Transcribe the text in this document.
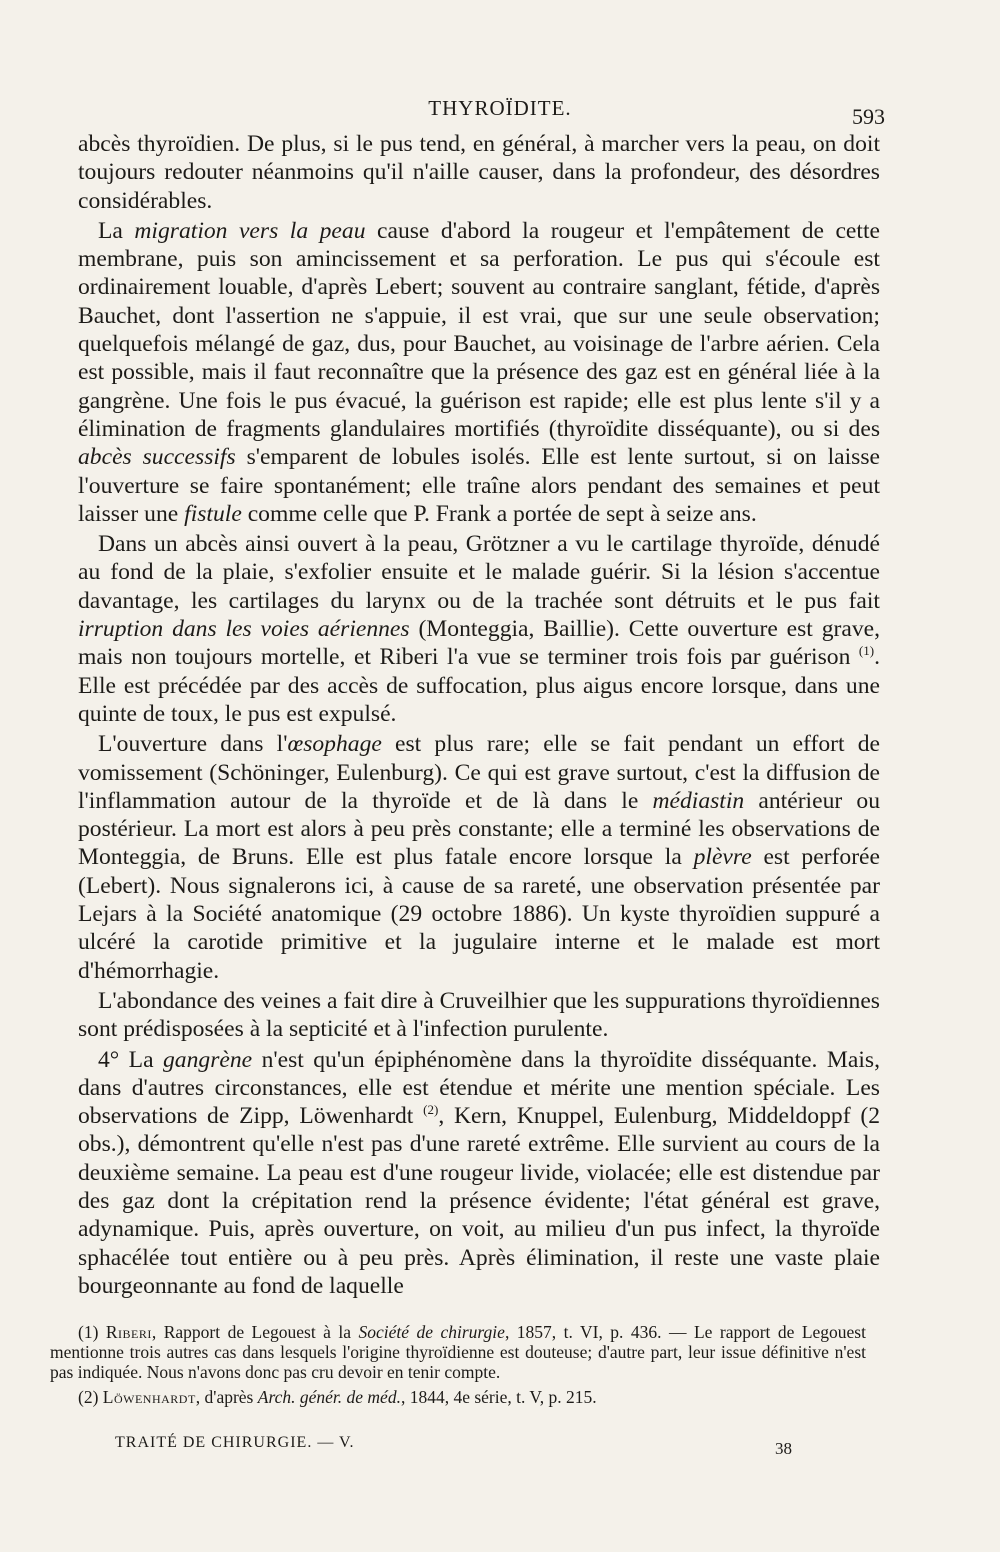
THYROÏDITE.	593

abcès thyroïdien. De plus, si le pus tend, en général, à marcher vers la peau, on doit toujours redouter néanmoins qu'il n'aille causer, dans la profondeur, des désordres considérables.

La migration vers la peau cause d'abord la rougeur et l'empâtement de cette membrane, puis son amincissement et sa perforation. Le pus qui s'écoule est ordinairement louable, d'après Lebert; souvent au contraire sanglant, fétide, d'après Bauchet, dont l'assertion ne s'appuie, il est vrai, que sur une seule observation; quelquefois mélangé de gaz, dus, pour Bauchet, au voisinage de l'arbre aérien. Cela est possible, mais il faut reconnaître que la présence des gaz est en général liée à la gangrène. Une fois le pus évacué, la guérison est rapide; elle est plus lente s'il y a élimination de fragments glandulaires mortifiés (thyroïdite disséquante), ou si des abcès successifs s'emparent de lobules isolés. Elle est lente surtout, si on laisse l'ouverture se faire spontanément; elle traîne alors pendant des semaines et peut laisser une fistule comme celle que P. Frank a portée de sept à seize ans.

Dans un abcès ainsi ouvert à la peau, Grötzner a vu le cartilage thyroïde, dénudé au fond de la plaie, s'exfolier ensuite et le malade guérir. Si la lésion s'accentue davantage, les cartilages du larynx ou de la trachée sont détruits et le pus fait irruption dans les voies aériennes (Monteggia, Baillie). Cette ouverture est grave, mais non toujours mortelle, et Riberi l'a vue se terminer trois fois par guérison $^{(1)}$. Elle est précédée par des accès de suffocation, plus aigus encore lorsque, dans une quinte de toux, le pus est expulsé.

L'ouverture dans l'œsophage est plus rare; elle se fait pendant un effort de vomissement (Schöninger, Eulenburg). Ce qui est grave surtout, c'est la diffusion de l'inflammation autour de la thyroïde et de là dans le médiastin antérieur ou postérieur. La mort est alors à peu près constante; elle a terminé les observations de Monteggia, de Bruns. Elle est plus fatale encore lorsque la plèvre est perforée (Lebert). Nous signalerons ici, à cause de sa rareté, une observation présentée par Lejars à la Société anatomique (29 octobre 1886). Un kyste thyroïdien suppuré a ulcéré la carotide primitive et la jugulaire interne et le malade est mort d'hémorrhagie.

L'abondance des veines a fait dire à Cruveilhier que les suppurations thyroïdiennes sont prédisposées à la septicité et à l'infection purulente.

4° La gangrène n'est qu'un épiphénomène dans la thyroïdite disséquante. Mais, dans d'autres circonstances, elle est étendue et mérite une mention spéciale. Les observations de Zipp, Löwenhardt $^{(2)}$, Kern, Knuppel, Eulenburg, Middeldoppf (2 obs.), démontrent qu'elle n'est pas d'une rareté extrême. Elle survient au cours de la deuxième semaine. La peau est d'une rougeur livide, violacée; elle est distendue par des gaz dont la crépitation rend la présence évidente; l'état général est grave, adynamique. Puis, après ouverture, on voit, au milieu d'un pus infect, la thyroïde sphacélée tout entière ou à peu près. Après élimination, il reste une vaste plaie bourgeonnante au fond de laquelle

(1) Riberi, Rapport de Legouest à la Société de chirurgie, 1857, t. VI, p. 436. — Le rapport de Legouest mentionne trois autres cas dans lesquels l'origine thyroïdienne est douteuse; d'autre part, leur issue définitive n'est pas indiquée. Nous n'avons donc pas cru devoir en tenir compte.

(2) Löwenhardt, d'après Arch. génér. de méd., 1844, 4e série, t. V, p. 215.

TRAITÉ DE CHIRURGIE. — V.	38
